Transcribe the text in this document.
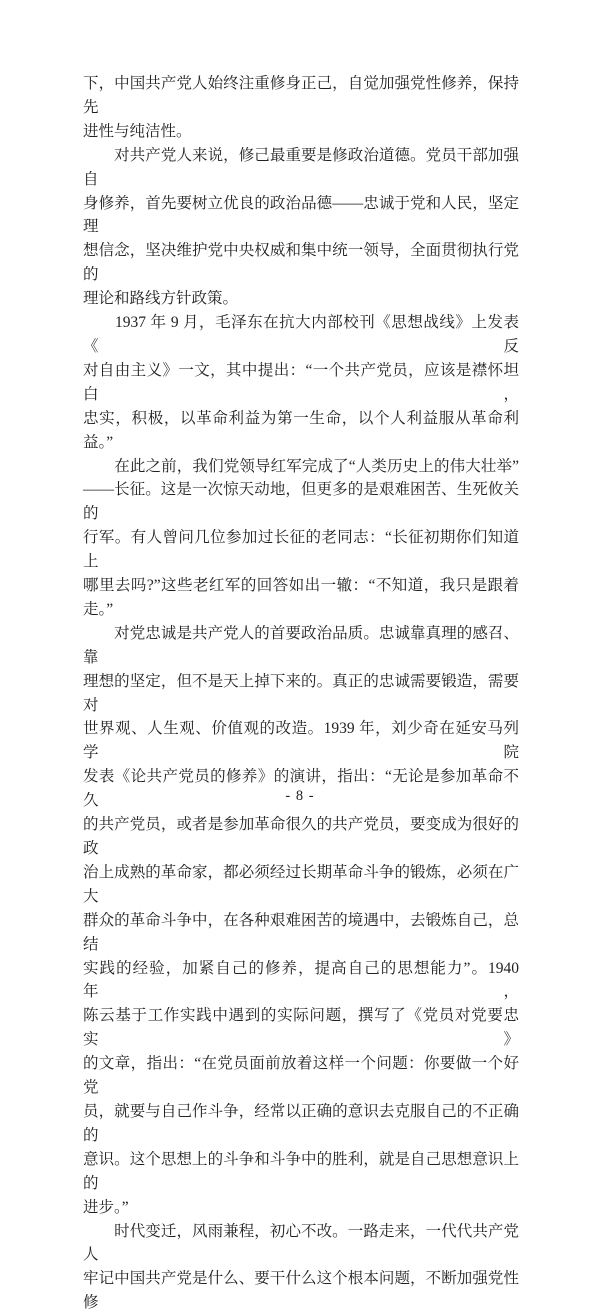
下，中国共产党人始终注重修身正己，自觉加强党性修养，保持先
进性与纯洁性。
　　对共产党人来说，修己最重要是修政治道德。党员干部加强自
身修养，首先要树立优良的政治品德——忠诚于党和人民，坚定理
想信念，坚决维护党中央权威和集中统一领导，全面贯彻执行党的
理论和路线方针政策。
　　1937 年 9 月，毛泽东在抗大内部校刊《思想战线》上发表《反
对自由主义》一文，其中提出：“一个共产党员，应该是襟怀坦白，
忠实，积极，以革命利益为第一生命，以个人利益服从革命利益。”
　　在此之前，我们党领导红军完成了“人类历史上的伟大壮举”
——长征。这是一次惊天动地，但更多的是艰难困苦、生死攸关的
行军。有人曾问几位参加过长征的老同志：“长征初期你们知道上
哪里去吗?”这些老红军的回答如出一辙：“不知道，我只是跟着
走。”
　　对党忠诚是共产党人的首要政治品质。忠诚靠真理的感召、靠
理想的坚定，但不是天上掉下来的。真正的忠诚需要锻造，需要对
世界观、人生观、价值观的改造。1939 年，刘少奇在延安马列学院
发表《论共产党员的修养》的演讲，指出：“无论是参加革命不久
的共产党员，或者是参加革命很久的共产党员，要变成为很好的政
治上成熟的革命家，都必须经过长期革命斗争的锻炼，必须在广大
群众的革命斗争中，在各种艰难困苦的境遇中，去锻炼自己，总结
实践的经验，加紧自己的修养，提高自己的思想能力”。1940 年，
陈云基于工作实践中遇到的实际问题，撰写了《党员对党要忠实》
的文章，指出：“在党员面前放着这样一个问题：你要做一个好党
员，就要与自己作斗争，经常以正确的意识去克服自己的不正确的
意识。这个思想上的斗争和斗争中的胜利，就是自己思想意识上的
进步。”
　　时代变迁，风雨兼程，初心不改。一路走来，一代代共产党人
牢记中国共产党是什么、要干什么这个根本问题，不断加强党性修
- 8 -
